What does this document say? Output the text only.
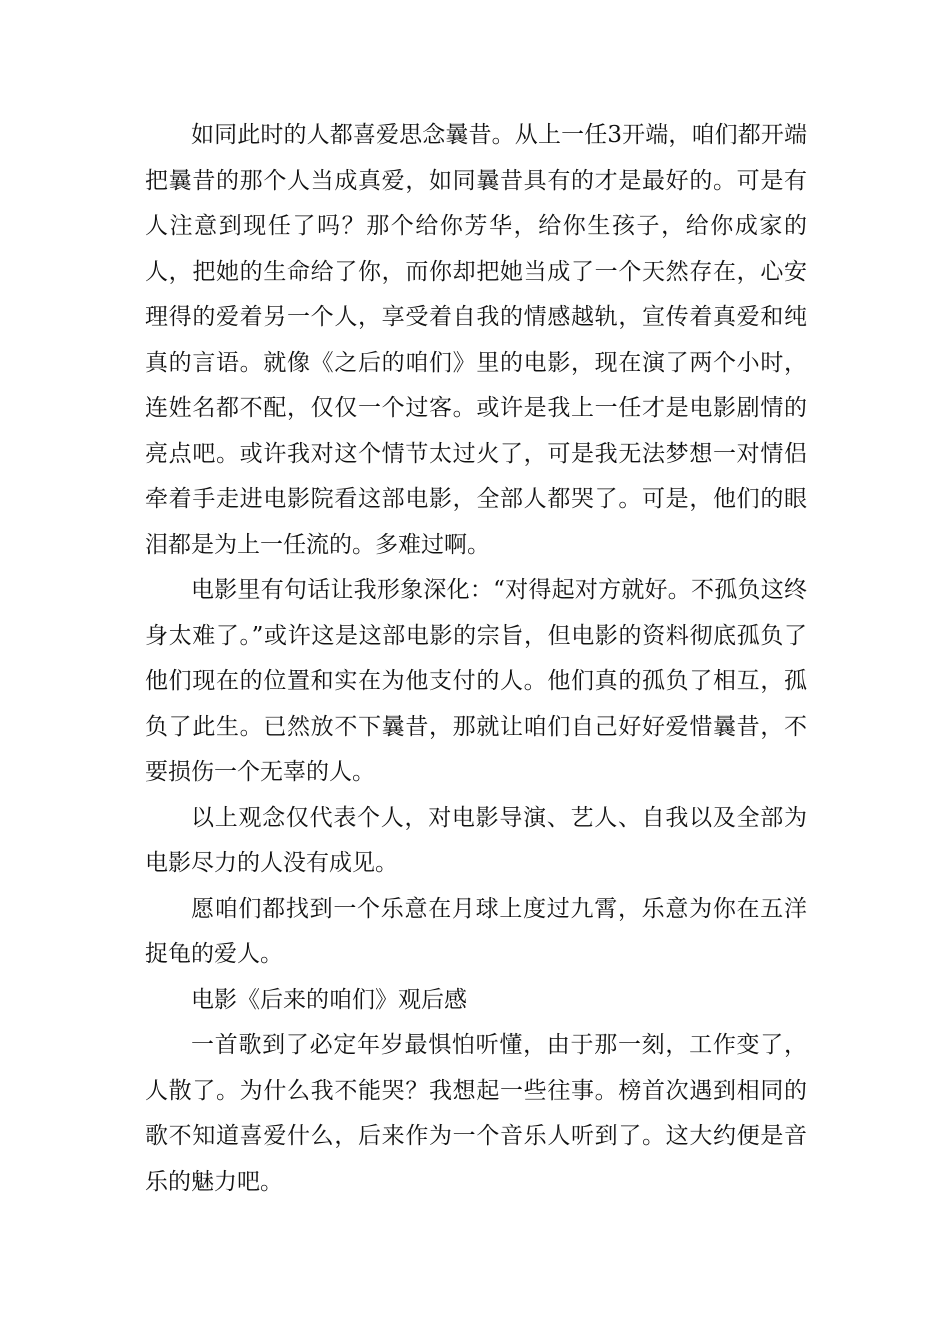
如同此时的人都喜爱思念曩昔。从上一任3开端，咱们都开端把曩昔的那个人当成真爱，如同曩昔具有的才是最好的。可是有人注意到现任了吗？那个给你芳华，给你生孩子，给你成家的人，把她的生命给了你，而你却把她当成了一个天然存在，心安理得的爱着另一个人，享受着自我的情感越轨，宣传着真爱和纯真的言语。就像《之后的咱们》里的电影，现在演了两个小时，连姓名都不配，仅仅一个过客。或许是我上一任才是电影剧情的亮点吧。或许我对这个情节太过火了，可是我无法梦想一对情侣牵着手走进电影院看这部电影，全部人都哭了。可是，他们的眼泪都是为上一任流的。多难过啊。

电影里有句话让我形象深化：“对得起对方就好。不孤负这终身太难了。”或许这是这部电影的宗旨，但电影的资料彻底孤负了他们现在的位置和实在为他支付的人。他们真的孤负了相互，孤负了此生。已然放不下曩昔，那就让咱们自己好好爱惜曩昔，不要损伤一个无辜的人。

以上观念仅代表个人，对电影导演、艺人、自我以及全部为电影尽力的人没有成见。

愿咱们都找到一个乐意在月球上度过九霄，乐意为你在五洋捉龟的爱人。

电影《后来的咱们》观后感

一首歌到了必定年岁最惧怕听懂，由于那一刻，工作变了，人散了。为什么我不能哭？我想起一些往事。榜首次遇到相同的歌不知道喜爱什么，后来作为一个音乐人听到了。这大约便是音乐的魅力吧。
